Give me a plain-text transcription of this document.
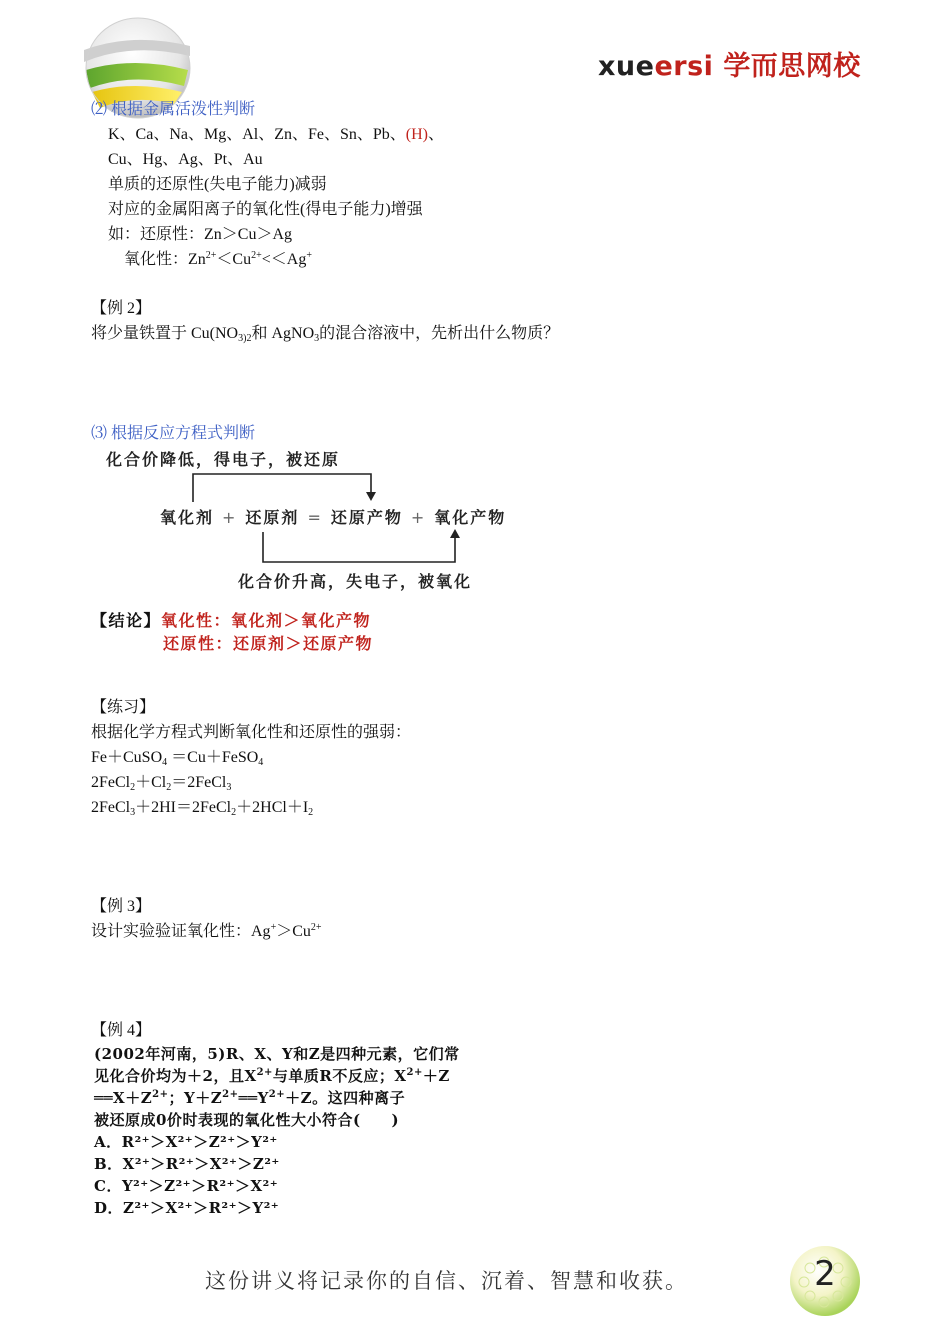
xueersi 学而思网校
⑵ 根据金属活泼性判断
K、Ca、Na、Mg、Al、Zn、Fe、Sn、Pb、(H)、
Cu、Hg、Ag、Pt、Au
单质的还原性(失电子能力)减弱
对应的金属阳离子的氧化性(得电子能力)增强
如：还原性：Zn＞Cu＞Ag
氧化性：$Zn^{2+}<Cu^{2+}<<Ag^+$
【例 2】
将少量铁置于 $Cu(NO_{3)2}$和 AgNO$_3$的混合溶液中，先析出什么物质？
⑶ 根据反应方程式判断
化合价降低，得电子，被还原
氧化剂 + 还原剂 = 还原产物 + 氧化产物
化合价升高，失电子，被氧化
【结论】氧化性：氧化剂＞氧化产物
还原性：还原剂＞还原产物
【练习】
根据化学方程式判断氧化性和还原性的强弱：
Fe＋CuSO$_4$ ＝Cu＋FeSO$_4$
$2FeCl_2+Cl_2=2FeCl_3$
$2FeCl_3+2HI=2FeCl_2+2HCl+I_2$
【例 3】
设计实验验证氧化性：$Ag^+>Cu^{2+}$
【例 4】
(2002年河南，5)R、X、Y和Z是四种元素，它们常
见化合价均为＋2，且$X^{2+}$与单质R不反应；$X^{2+}+Z$
$══X+Z^{2+}$；$Y+Z^{2+}══Y^{2+}+Z$。这四种离子
被还原成0价时表现的氧化性大小符合(　　)
A．R²⁺＞X²⁺＞Z²⁺＞Y²⁺
B．X²⁺＞R²⁺＞X²⁺＞Z²⁺
C．Y²⁺＞Z²⁺＞R²⁺＞X²⁺
D．Z²⁺＞X²⁺＞R²⁺＞Y²⁺
这份讲义将记录你的自信、沉着、智慧和收获。	2
